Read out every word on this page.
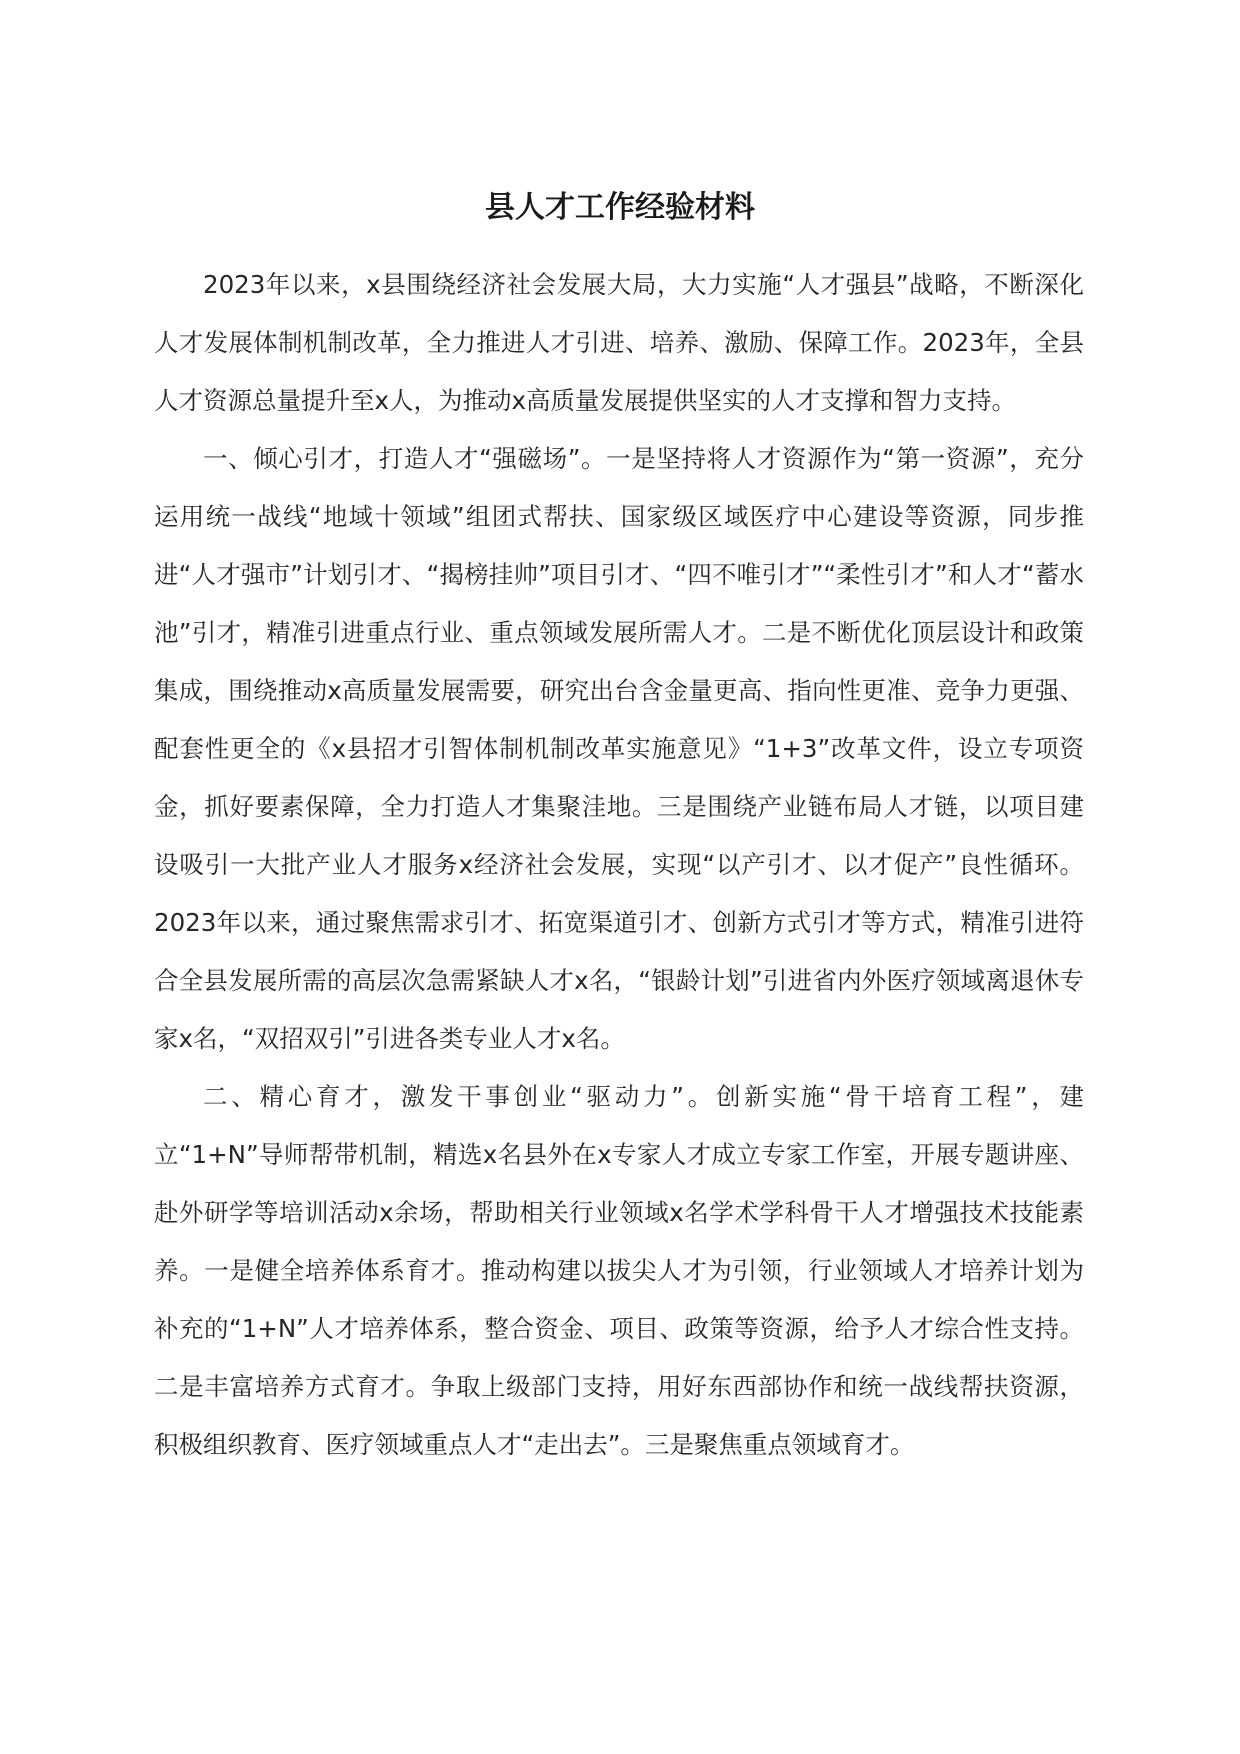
县人才工作经验材料

2023年以来，x县围绕经济社会发展大局，大力实施“人才强县”战略，不断深化人才发展体制机制改革，全力推进人才引进、培养、激励、保障工作。2023年，全县人才资源总量提升至x人，为推动x高质量发展提供坚实的人才支撑和智力支持。

一、倾心引才，打造人才“强磁场”。一是坚持将人才资源作为“第一资源”，充分运用统一战线“地域十领域”组团式帮扶、国家级区域医疗中心建设等资源，同步推进“人才强市”计划引才、“揭榜挂帅”项目引才、“四不唯引才”“柔性引才”和人才“蓄水池”引才，精准引进重点行业、重点领域发展所需人才。二是不断优化顶层设计和政策集成，围绕推动x高质量发展需要，研究出台含金量更高、指向性更准、竞争力更强、配套性更全的《x县招才引智体制机制改革实施意见》“1+3”改革文件，设立专项资金，抓好要素保障，全力打造人才集聚洼地。三是围绕产业链布局人才链，以项目建设吸引一大批产业人才服务x经济社会发展，实现“以产引才、以才促产”良性循环。2023年以来，通过聚焦需求引才、拓宽渠道引才、创新方式引才等方式，精准引进符合全县发展所需的高层次急需紧缺人才x名，“银龄计划”引进省内外医疗领域离退休专家x名，“双招双引”引进各类专业人才x名。

二、精心育才，激发干事创业“驱动力”。创新实施“骨干培育工程”，建立“1+N”导师帮带机制，精选x名县外在x专家人才成立专家工作室，开展专题讲座、赴外研学等培训活动x余场，帮助相关行业领域x名学术学科骨干人才增强技术技能素养。一是健全培养体系育才。推动构建以拔尖人才为引领，行业领域人才培养计划为补充的“1+N”人才培养体系，整合资金、项目、政策等资源，给予人才综合性支持。二是丰富培养方式育才。争取上级部门支持，用好东西部协作和统一战线帮扶资源，积极组织教育、医疗领域重点人才“走出去”。三是聚焦重点领域育才。
